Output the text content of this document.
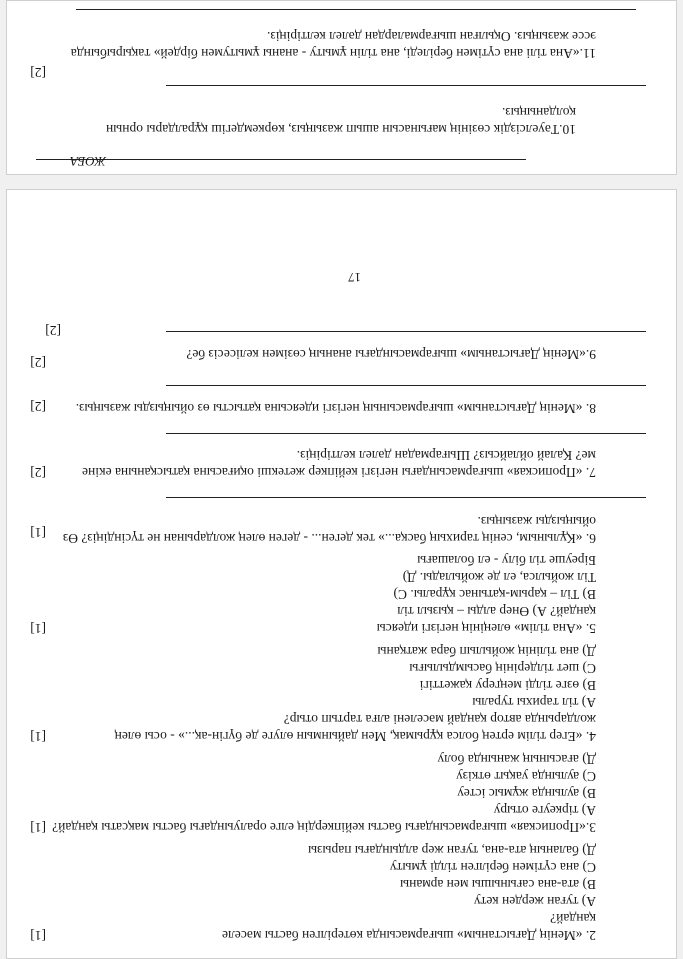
2. «Менің Дағыстаным» шығармасында көтерілген басты мәселе
[1]
қандай?
А) туған жерден кету
В) ата-ана сағынышы мен арманы
С) ана сүтімен берілген тілді ұмыту
Д) баланың ата-ана, туған жер алдындағы парызы
3.«Пропиская» шығармасындағы басты кейіпкердің елге оралуындағы басты мақсаты қандай?
[1]
А) тіркеуге отыру
В) аулында жұмыс істеу
С) аулында уақыт өткізу
Д) ағасының жанында болу
4. «Егер тілім ертең болса құрымақ, Мен дайынмын өлуге де бүгін-ақ...» - осы өлең
[1]
жолдарында автор қандай мәселені алға тартып отыр?
А) тіл тарихы туралы
В) өзге тілді меңгеру қажеттігі
С) шет тілдерінің басымдылығы
Д) ана тілінің жойылып бара жатқаны
5. «Ана тілім» өлеңінің негізгі идеясы
[1]
қандай? А) Өнер алды – қызыл тіл
В) Тіл – қарым-қатынас құралы. С)
Тіл жойылса, ел де жойылады. Д)
Біреуше тіл білу - ел болашағы
6. «Құлыным, сенің тарихың басқа...» тек деген... - деген өлең жолдарынан не түсіндіңіз? Өз
[1]
ойыңызды жазыңыз.
7. «Пропиская» шығармасындағы негізгі кейіпкер жетекші оқиғасына қатысқанына екіне
[2]
ме? Қалай ойлайсыз? Шығармадан дәлел келтіріңіз.
8. «Менің Дағыстаным» шығармасының негізгі идеясына қатысты өз ойыңызды жазыңыз.
[2]
9.«Менің Дағыстаным» шығармасындағы ананың сөзімен келісесіз бе?
[2]
[2]
17
ЖОБА
10.Тәуелсіздік сөзінің мағынасын ашып жазыңыз, көркемдегіш құралдары орнын
қолданыңыз.
[2]
11.«Ана тілі ана сүтімен беріледі, ана тілін ұмыту - ананы ұмытумен бірдей» тақырыбында
эссе жазыңыз. Оқылған шығармалардан дәлел келтіріңіз.
